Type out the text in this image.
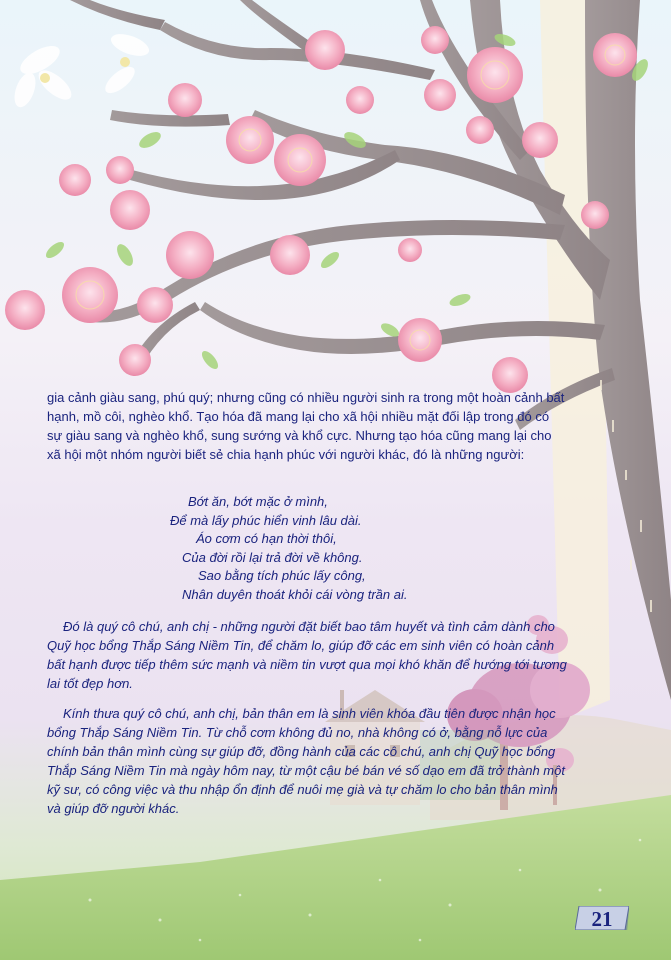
gia cảnh giàu sang, phú quý; nhưng cũng có nhiều người sinh ra trong một hoàn cảnh bất hạnh, mồ côi, nghèo khổ. Tạo hóa đã mang lại cho xã hội nhiều mặt đối lập trong đó có sự giàu sang và nghèo khổ, sung sướng và khổ cực. Nhưng tạo hóa cũng mang lại cho xã hội một nhóm người biết sẻ chia hạnh phúc với người khác, đó là những người:
Bớt ăn, bớt mặc ở mình,
Để mà lấy phúc hiển vinh lâu dài.
Áo cơm có hạn thời thôi,
Của đời rồi lại trả đời về không.
Sao bằng tích phúc lấy công,
Nhân duyên thoát khỏi cái vòng trần ai.
Đó là quý cô chú, anh chị - những người đặt biết bao tâm huyết và tình cảm dành cho Quỹ học bổng Thắp Sáng Niềm Tin, để chăm lo, giúp đỡ các em sinh viên có hoàn cảnh bất hạnh được tiếp thêm sức mạnh và niềm tin vượt qua mọi khó khăn để hướng tới tương lai tốt đẹp hơn.
Kính thưa quý cô chú, anh chị, bản thân em là sinh viên khóa đầu tiên được nhận học bổng Thắp Sáng Niềm Tin. Từ chỗ cơm không đủ no, nhà không có ở, bằng nỗ lực của chính bản thân mình cùng sự giúp đỡ, đồng hành của các cô chú, anh chị Quỹ học bổng Thắp Sáng Niềm Tin mà ngày hôm nay, từ một cậu bé bán vé số dạo em đã trở thành một kỹ sư, có công việc và thu nhập ổn định để nuôi mẹ già và tự chăm lo cho bản thân mình và giúp đỡ người khác.
21
